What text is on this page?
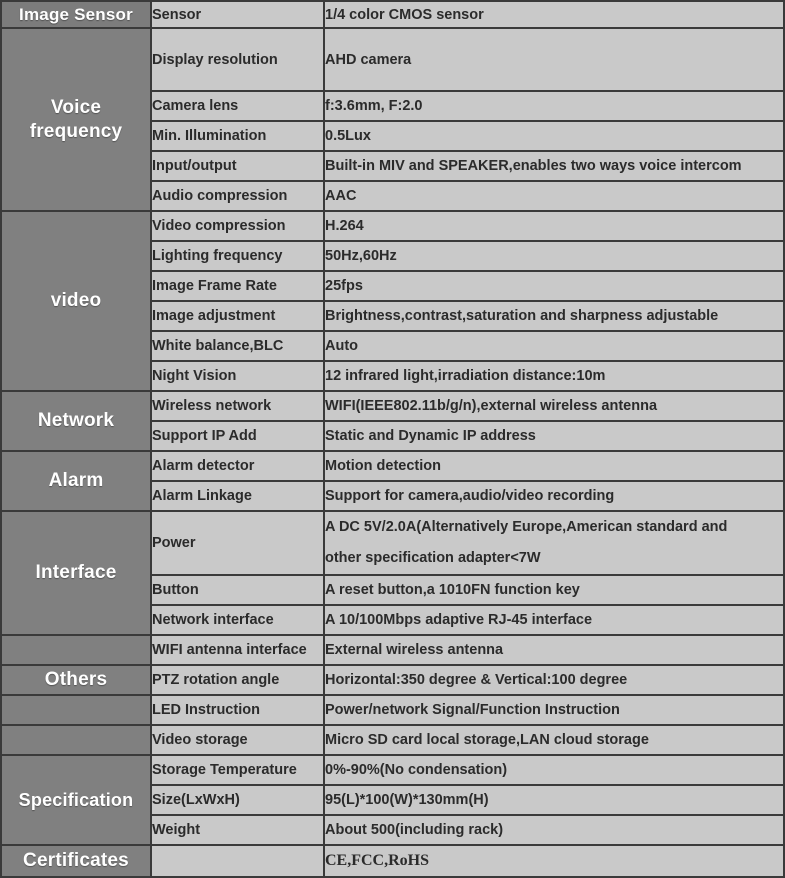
Image Sensor	Sensor	1/4 color CMOS sensor
Voice frequency	Display resolution	AHD camera
	Camera lens	f:3.6mm, F:2.0
	Min. Illumination	0.5Lux
	Input/output	Built-in MIV and SPEAKER,enables two ways voice intercom
	Audio compression	AAC
video	Video compression	H.264
	Lighting frequency	50Hz,60Hz
	Image Frame Rate	25fps
	Image adjustment	Brightness,contrast,saturation and sharpness adjustable
	White balance,BLC	Auto
	Night Vision	12 infrared light,irradiation distance:10m
Network	Wireless network	WIFI(IEEE802.11b/g/n),external wireless antenna
	Support IP Add	Static and Dynamic IP address
Alarm	Alarm detector	Motion detection
	Alarm Linkage	Support for camera,audio/video recording
Interface	Power	A DC 5V/2.0A(Alternatively Europe,American standard and
other specification adapter<7W

	Button	A reset button,a 1010FN function key
	Network interface	A 10/100Mbps adaptive RJ-45 interface
	WIFI antenna interface	External wireless antenna
Others	PTZ rotation angle	Horizontal:350 degree & Vertical:100 degree
	LED Instruction	Power/network Signal/Function Instruction
	Video storage	Micro SD card local storage,LAN cloud storage
Specification	Storage Temperature	0%-90%(No condensation)
	Size(LxWxH)	95(L)*100(W)*130mm(H)
	Weight	About 500(including rack)
Certificates		CE,FCC,RoHS
